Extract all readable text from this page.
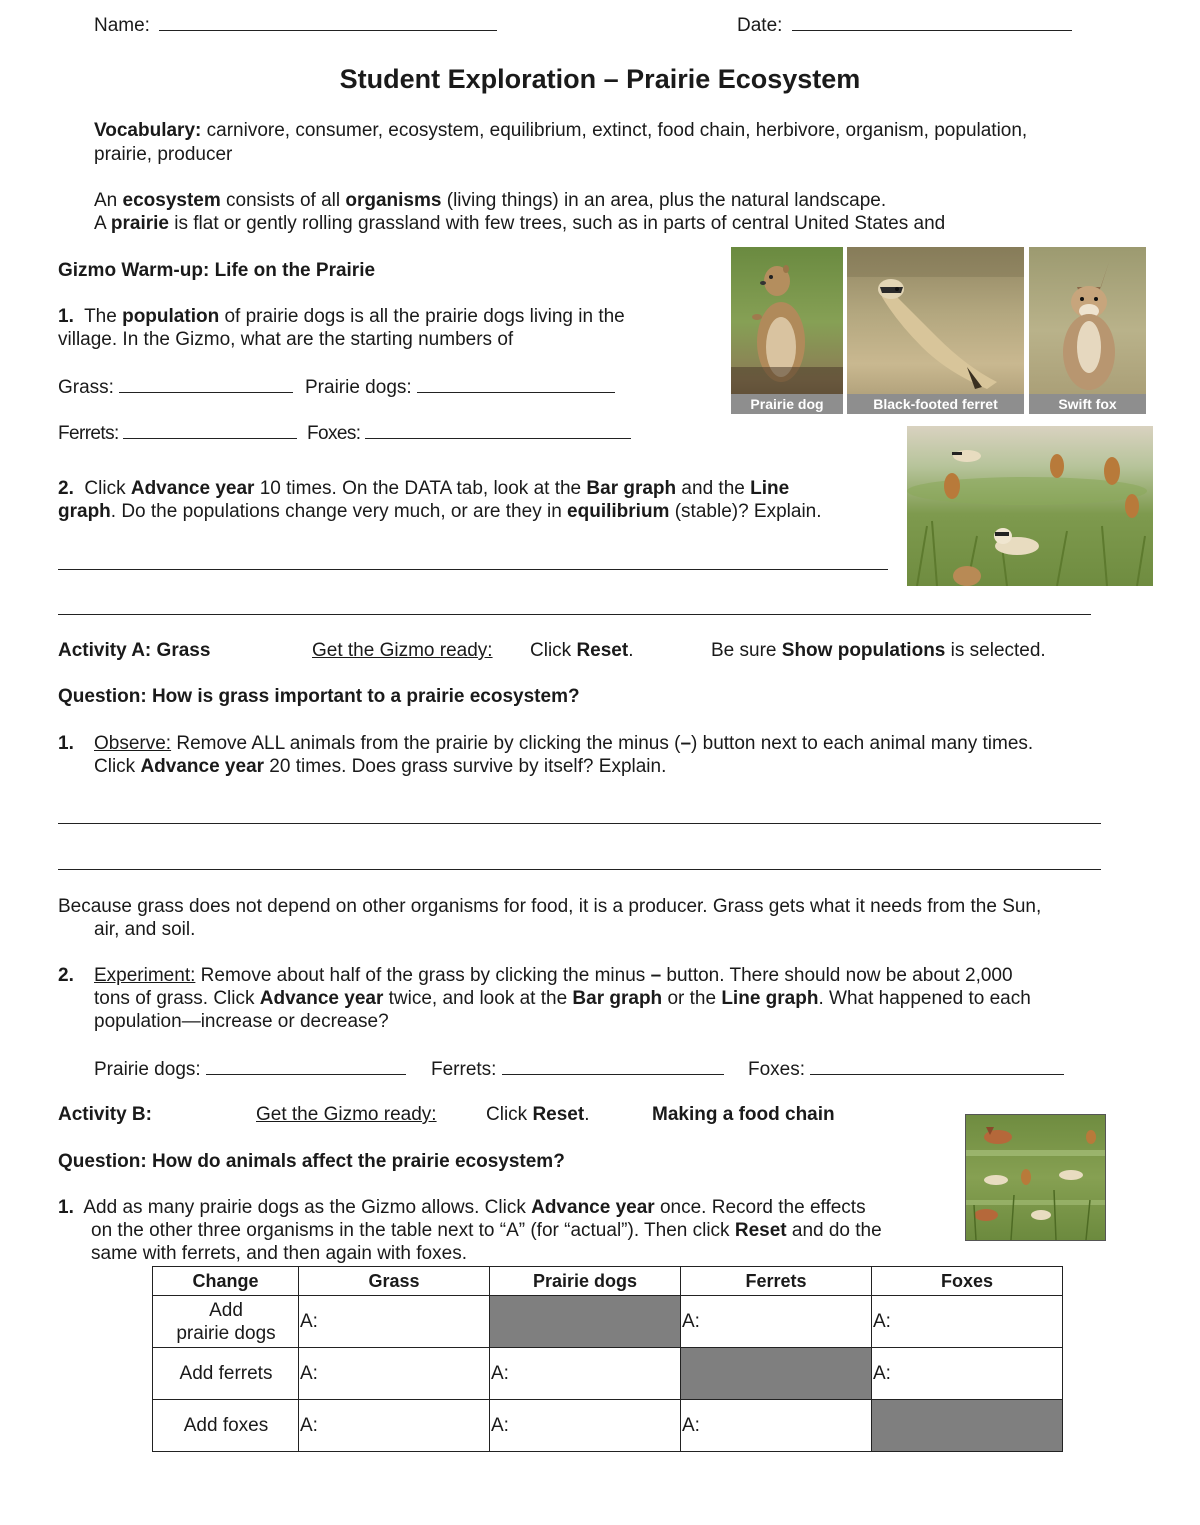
Name:	Date:
Student Exploration – Prairie Ecosystem
Vocabulary: carnivore, consumer, ecosystem, equilibrium, extinct, food chain, herbivore, organism, population,
prairie, producer
An ecosystem consists of all organisms (living things) in an area, plus the natural landscape.
A prairie is flat or gently rolling grassland with few trees, such as in parts of central United States and
Gizmo Warm-up: Life on the Prairie
1.  The population of prairie dogs is all the prairie dogs living in the
village. In the Gizmo, what are the starting numbers of
Grass:	Prairie dogs:
Ferrets:	Foxes:
2.  Click Advance year 10 times. On the DATA tab, look at the Bar graph and the Line
graph. Do the populations change very much, or are they in equilibrium (stable)? Explain.
Prairie dog	Black-footed ferret	Swift fox
Activity A: Grass	Get the Gizmo ready: Click Reset.	Be sure Show populations is selected.
Question: How is grass important to a prairie ecosystem?
1. Observe: Remove ALL animals from the prairie by clicking the minus (–) button next to each animal many times.
Click Advance year 20 times. Does grass survive by itself? Explain.
Because grass does not depend on other organisms for food, it is a producer. Grass gets what it needs from the Sun,
air, and soil.
2. Experiment: Remove about half of the grass by clicking the minus – button. There should now be about 2,000
tons of grass. Click Advance year twice, and look at the Bar graph or the Line graph. What happened to each
population—increase or decrease?
Prairie dogs:	Ferrets:	Foxes:
Activity B:	Get the Gizmo ready:	Click Reset.	Making a food chain
Question: How do animals affect the prairie ecosystem?
1.  Add as many prairie dogs as the Gizmo allows. Click Advance year once. Record the effects
on the other three organisms in the table next to “A” (for “actual”). Then click Reset and do the
same with ferrets, and then again with foxes.
Change	Grass	Prairie dogs	Ferrets	Foxes

Add
prairie dogs	A:		A:	A:
Add ferrets	A:	A:		A:
Add foxes	A:	A:	A:	
